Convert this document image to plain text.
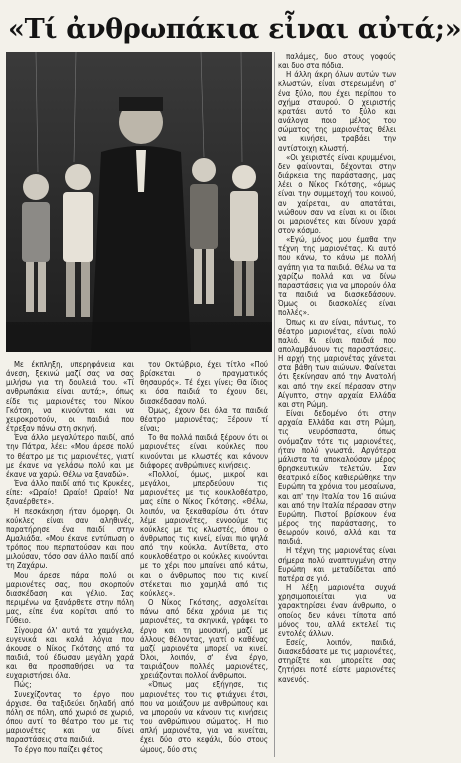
«Τί ἀνθρωπάκια εἶναι αὐτά;»

Με έκπληξη, υπερηφάνεια και άνεση, ξεκινώ μαζί σας να σας μιλήσω για τη δουλειά του. «Τί ανθρωπάκια είναι αυτά;», όπως είδε τις μαριονέτες του Νίκου Γκότση, να κινούνται και να χειροκροτούν, οι παιδιά που έτρεξαν πάνω στη σκηνή.

Ένα άλλο μεγαλύτερο παιδί, από την Πάτρα, λέει: «Μου άρεσε πολύ το θέατρο με τις μαριονέτες, γιατί με έκανε να γελάσω πολύ και με έκανε να χαρώ. Θέλω να ξαναδώ».

Ένα άλλο παιδί από τις Κρυκέες, είπε: «Ωραίο! Ωραίο! Ωραίο! Να ξαναέρθετε».

Η πεσκάκηση ήταν όμορφη. Οι κούκλες είναι σαν αληθινές, παρατήρησε ένα παιδί στην Αμαλιάδα. «Μου έκανε εντύπωση ο τρόπος που περπατούσαν και που μιλούσαν, τόσο σαν άλλο παιδί από τη Ζαχάρω.

Μου άρεσε πάρα πολύ οι μαριονέτες σας, που σκορπούν διασκέδαση και γέλιο. Σας περιμένω να ξανάρθετε στην πόλη μας, είπε ένα κορίτσι από το Γύθειο.

Σίγουρα όλ' αυτά τα χαμόγελα, ευγενικά και καλά λόγια που άκουσε ο Νίκος Γκότσης από τα παιδιά, τού έδωσαν μεγάλη χαρά και θα προσπαθήσει να τα ευχαριστήσει όλα.

Πώς;

Συνεχίζοντας το έργο που άρχισε. Θα ταξιδεύει δηλαδή από πόλη σε πόλη, από χωριό σε χωριό, όπου αντί το θέατρο του με τις μαριονέτες και να δίνει παραστάσεις στα παιδιά.

Το έργο που παίζει φέτος

τον Οκτώβριο, έχει τίτλο «Πού βρίσκεται ο πραγματικός θησαυρός». Τέ έχει γίνει; Θα ίδιος κι όσα παιδιά το έχουν δει, διασκέδασαν πολύ.

Όμως, έχουν δει όλα τα παιδιά θέατρο μαριονέτας; Ξέρουν τί είναι;

Το θα πολλά παιδιά ξέρουν ότι οι μαριονέτες είναι κούκλες που κινούνται με κλωστές και κάνουν διάφορες ανθρώπινες κινήσεις.

«Πολλοί, όμως, μικροί και μεγάλοι, μπερδεύουν τις μαριονέτες με τις κουκλοθέατρο, μας είπε ο Νίκος Γκότσης. «Θέλω, λοιπόν, να ξεκαθαρίσω ότι όταν λέμε μαριονέτες, εννοούμε τις κούκλες με τις κλωστές, όπου ο άνθρωπος τις κινεί, είναι πιο ψηλά από την κούκλα. Αντίθετα, στο κουκλοθέατρο οι κούκλες κινούνται με το χέρι που μπαίνει από κάτω, και ο άνθρωπος που τις κινεί στέκεται πιο χαμηλά από τις κούκλες».

Ο Νίκος Γκότσης, ασχολείται πάνω από δέκα χρόνια με τις μαριονέτες, τα σκηνικά, γράφει το έργο και τη μουσική, μαζί με άλλους θέλοντας, γιατί ο καθένας μαζί μαριονέτα μπορεί να κινεί. Όλοι, λοιπόν, σ' ένα έργο, ταιριάζουν πολλές μαριονέτες, χρειάζονται πολλοί άνθρωποι.

«Όπως μας εξήγησε, τις μαριονέτες του τις φτιάχνει έτσι, που να μοιάζουν με ανθρώπους και να μπορούν να κάνουν τις κινήσεις του ανθρώπινου σώματος. Η πιο απλή μαριονέτα, για να κινείται, έχει δύο στο κεφάλι, δύο στους ώμους, δύο στις

παλάμες, δυο στους γοφούς και δυο στα πόδια.

Η άλλη άκρη όλων αυτών των κλωστών, είναι στερεωμένη σ' ένα ξύλο, που έχει περίπου το σχήμα σταυρού. Ο χειριστής κρατάει αυτό το ξύλο και ανάλογα ποιο μέλος του σώματος της μαριονέτας θέλει να κινήσει, τραβάει την αντίστοιχη κλωστή.

«Οι χειριστές είναι κρυμμένοι, δεν φαίνονται, δέχονται στην διάρκεια της παράστασης, μας λέει ο Νίκος Γκότσης, «όμως είναι την συμμετοχή του κοινού, αν χαίρεται, αν απατάται, νιώθουν σαν να είναι κι οι ίδιοι οι μαριονέτες και δίνουν χαρά στον κόσμο.

«Εγώ, μόνος μου έμαθα την τέχνη της μαριονέτας. Κι αυτό που κάνω, το κάνω με πολλή αγάπη για τα παιδιά. Θέλω να τα χαρίζω πολλά και να δίνω παραστάσεις για να μπορούν όλα τα παιδιά να διασκεδάσουν. Όμως οι διασκολίες είναι πολλές».

Όπως κι αν είναι, πάντως, το θέατρο μαριονέτας, είναι πολύ παλιό. Κι είναι παιδιά που απολαμβάνουν τις παραστάσεις. Η αρχή της μαριονέτας χάνεται στα βάθη των αιώνων. Φαίνεται ότι ξεκίνησαν από την Ανατολή και από την εκεί πέρασαν στην Αίγυπτο, στην αρχαία Ελλάδα και στη Ρώμη.

Είναι δεδομένο ότι στην αρχαία Ελλάδα και στη Ρώμη, τις νευρόσπαστα, όπως ονόμαζαν τότε τις μαριονέτες, ήταν πολύ γνωστά. Αργότερα μάλιστα τα αποκαλούσαν μέρος θρησκευτικών τελετών. Σαν θεατρικό είδος καθιερώθηκε την Ευρώπη τα χρόνια του μεσαίωνα, και απ' την Ιταλία τον 16 αιώνα και από την Ιταλία πέρασαν στην Ευρώπη. Πιστοί βρίσκουν ένα μέρος της παράστασης, το θεωρούν κοινό, αλλά και τα παιδιά.

Η τέχνη της μαριονέτας είναι σήμερα πολύ αναπτυγμένη στην Ευρώπη και μεταδίδεται από πατέρα σε γιό.

Η λέξη μαριονέτα συχνά χρησιμοποιείται για να χαρακτηρίσει έναν άνθρωπο, ο οποίος δεν κάνει τίποτα από μόνος του, αλλά εκτελεί τις εντολές άλλων.

Εσείς, λοιπόν, παιδιά, διασκεδάσατε με τις μαριονέτες, στηρίξτε και μπορείτε σας ζητήσει ποτέ είστε μαριονέτες κανενός.
